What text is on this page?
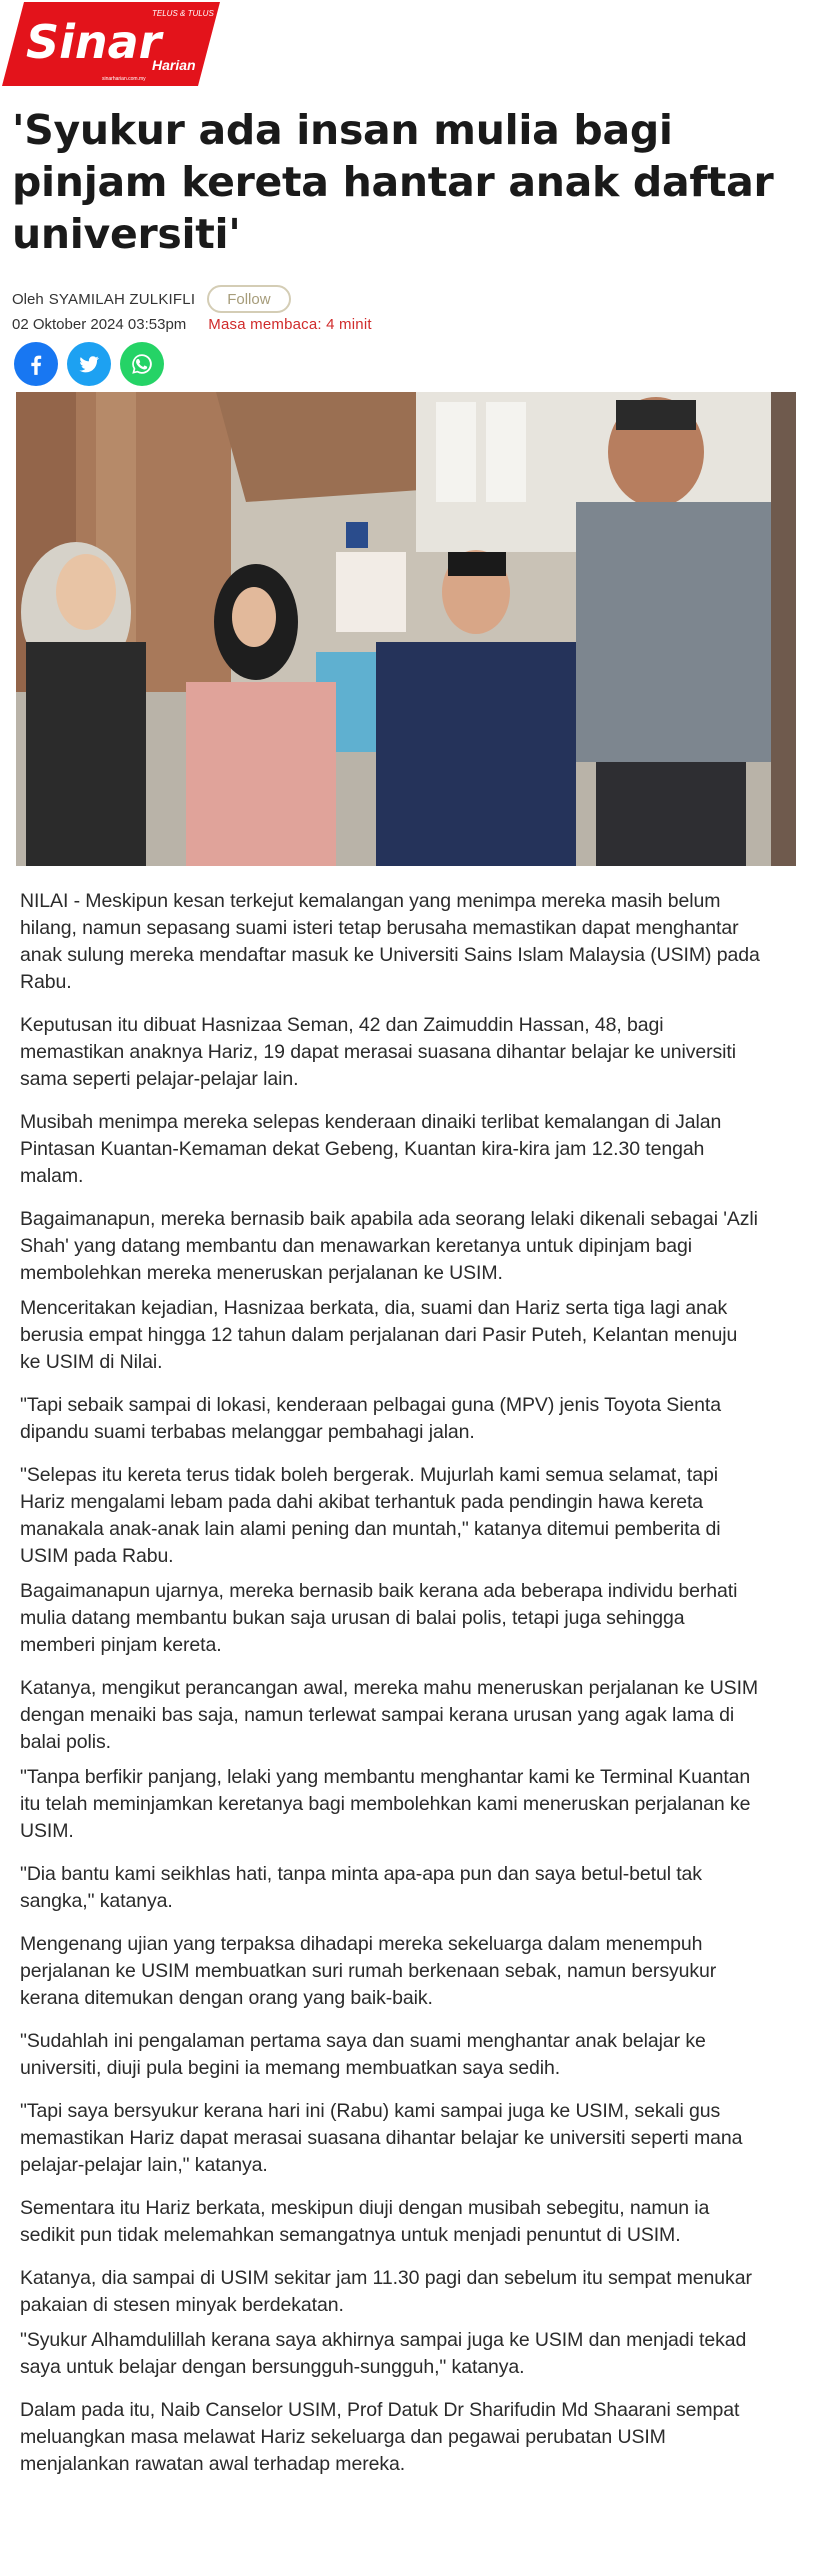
TELUS & TULUS
Sinar
Harian
sinarharian.com.my
'Syukur ada insan mulia bagi pinjam kereta hantar anak daftar universiti'
Oleh SYAMILAH ZULKIFLI	Follow
02 Oktober 2024 03:53pm Masa membaca: 4 minit

NILAI - Meskipun kesan terkejut kemalangan yang menimpa mereka masih belum hilang, namun sepasang suami isteri tetap berusaha memastikan dapat menghantar anak sulung mereka mendaftar masuk ke Universiti Sains Islam Malaysia (USIM) pada Rabu.

Keputusan itu dibuat Hasnizaa Seman, 42 dan Zaimuddin Hassan, 48, bagi memastikan anaknya Hariz, 19 dapat merasai suasana dihantar belajar ke universiti sama seperti pelajar-pelajar lain.

Musibah menimpa mereka selepas kenderaan dinaiki terlibat kemalangan di Jalan Pintasan Kuantan-Kemaman dekat Gebeng, Kuantan kira-kira jam 12.30 tengah malam.

Bagaimanapun, mereka bernasib baik apabila ada seorang lelaki dikenali sebagai 'Azli Shah' yang datang membantu dan menawarkan keretanya untuk dipinjam bagi membolehkan mereka meneruskan perjalanan ke USIM.

Menceritakan kejadian, Hasnizaa berkata, dia, suami dan Hariz serta tiga lagi anak berusia empat hingga 12 tahun dalam perjalanan dari Pasir Puteh, Kelantan menuju ke USIM di Nilai.

"Tapi sebaik sampai di lokasi, kenderaan pelbagai guna (MPV) jenis Toyota Sienta dipandu suami terbabas melanggar pembahagi jalan.

"Selepas itu kereta terus tidak boleh bergerak. Mujurlah kami semua selamat, tapi Hariz mengalami lebam pada dahi akibat terhantuk pada pendingin hawa kereta manakala anak-anak lain alami pening dan muntah," katanya ditemui pemberita di USIM pada Rabu.

Bagaimanapun ujarnya, mereka bernasib baik kerana ada beberapa individu berhati mulia datang membantu bukan saja urusan di balai polis, tetapi juga sehingga memberi pinjam kereta.

Katanya, mengikut perancangan awal, mereka mahu meneruskan perjalanan ke USIM dengan menaiki bas saja, namun terlewat sampai kerana urusan yang agak lama di balai polis.

"Tanpa berfikir panjang, lelaki yang membantu menghantar kami ke Terminal Kuantan itu telah meminjamkan keretanya bagi membolehkan kami meneruskan perjalanan ke USIM.

"Dia bantu kami seikhlas hati, tanpa minta apa-apa pun dan saya betul-betul tak sangka," katanya.

Mengenang ujian yang terpaksa dihadapi mereka sekeluarga dalam menempuh perjalanan ke USIM membuatkan suri rumah berkenaan sebak, namun bersyukur kerana ditemukan dengan orang yang baik-baik.

"Sudahlah ini pengalaman pertama saya dan suami menghantar anak belajar ke universiti, diuji pula begini ia memang membuatkan saya sedih.

"Tapi saya bersyukur kerana hari ini (Rabu) kami sampai juga ke USIM, sekali gus memastikan Hariz dapat merasai suasana dihantar belajar ke universiti seperti mana pelajar-pelajar lain," katanya.

Sementara itu Hariz berkata, meskipun diuji dengan musibah sebegitu, namun ia sedikit pun tidak melemahkan semangatnya untuk menjadi penuntut di USIM.

Katanya, dia sampai di USIM sekitar jam 11.30 pagi dan sebelum itu sempat menukar pakaian di stesen minyak berdekatan.

"Syukur Alhamdulillah kerana saya akhirnya sampai juga ke USIM dan menjadi tekad saya untuk belajar dengan bersungguh-sungguh," katanya.

Dalam pada itu, Naib Canselor USIM, Prof Datuk Dr Sharifudin Md Shaarani sempat meluangkan masa melawat Hariz sekeluarga dan pegawai perubatan USIM menjalankan rawatan awal terhadap mereka.
